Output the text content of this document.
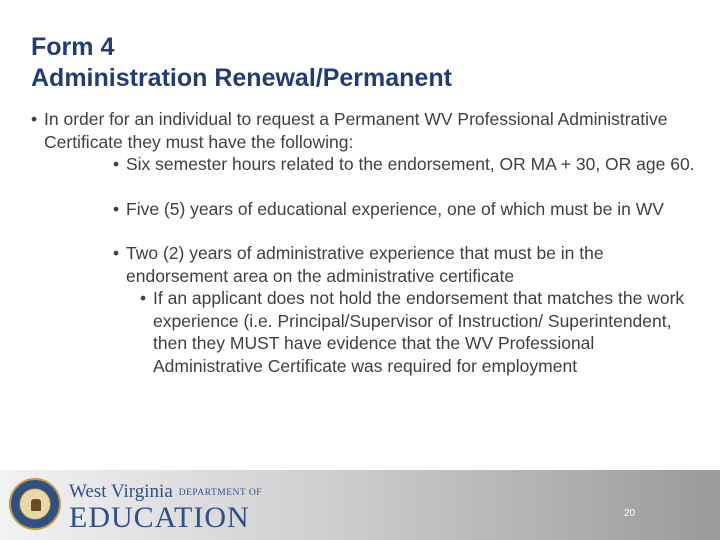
Form 4
Administration Renewal/Permanent

• In order for an individual to request a Permanent WV Professional Administrative Certificate they must have the following:

• Six semester hours related to the endorsement, OR MA + 30, OR age 60.

• Five (5) years of educational experience, one of which must be in WV

• Two (2) years of administrative experience that must be in the endorsement area on the administrative certificate

• If an applicant does not hold the endorsement that matches the work experience (i.e. Principal/Supervisor of Instruction/ Superintendent, then they MUST have evidence that the WV Professional Administrative Certificate was required for employment

West Virginia DEPARTMENT OF
EDUCATION	20
